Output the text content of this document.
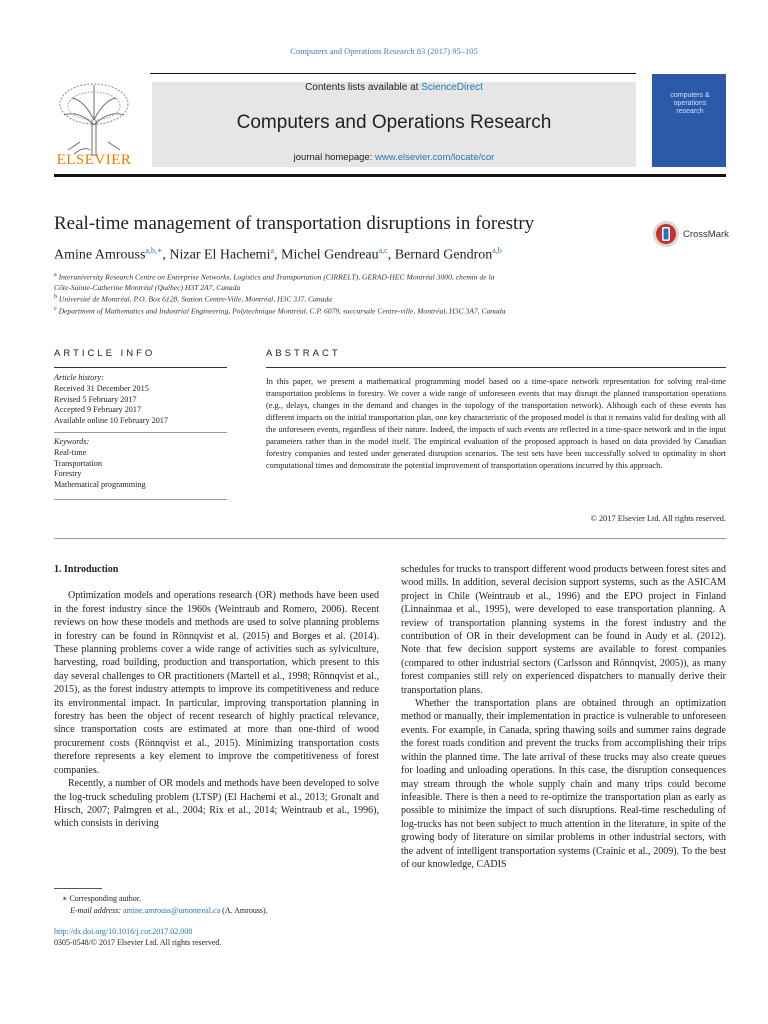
Computers and Operations Research 83 (2017) 95–105
ELSEVIER
Contents lists available at ScienceDirect
Computers and Operations Research
journal homepage: www.elsevier.com/locate/cor
computers & operations research
Real-time management of transportation disruptions in forestry	CrossMark
Amine Amrouss$^{a,b,∗}$, Nizar El Hachemi$^a$, Michel Gendreau$^{a,c}$, Bernard Gendron$^{a,b}$
$^a$ Interuniversity Research Centre on Enterprise Networks, Logistics and Transportation (CIRRELT), GERAD-HEC Montréal 3000, chemin de la
Côte-Sainte-Catherine Montréal (Québec) H3T 2A7, Canada
$^b$ Université de Montréal, P.O. Box 6128, Station Centre-Ville, Montréal, H3C 3J7, Canada
$^c$ Department of Mathematics and Industrial Engineering, Polytechnique Montréal, C.P. 6079, succursale Centre-ville, Montréal, H3C 3A7, Canada
ARTICLE INFO
Article history:
Received 31 December 2015
Revised 5 February 2017
Accepted 9 February 2017
Available online 10 February 2017
Keywords:
Real-time
Transportation
Forestry
Mathematical programming
ABSTRACT
In this paper, we present a mathematical programming model based on a time-space network representation for solving real-time transportation problems in forestry. We cover a wide range of unforeseen events that may disrupt the planned transportation operations (e.g., delays, changes in the demand and changes in the topology of the transportation network). Although each of these events has different impacts on the initial transportation plan, one key characteristic of the proposed model is that it remains valid for dealing with all the unforeseen events, regardless of their nature. Indeed, the impacts of such events are reflected in a time-space network and in the input parameters rather than in the model itself. The empirical evaluation of the proposed approach is based on data provided by Canadian forestry companies and tested under generated disruption scenarios. The test sets have been successfully solved to optimality in short computational times and demonstrate the potential improvement of transportation operations incurred by this approach.
© 2017 Elsevier Ltd. All rights reserved.
1. Introduction

Optimization models and operations research (OR) methods have been used in the forest industry since the 1960s (Weintraub and Romero, 2006). Recent reviews on how these models and methods are used to solve planning problems in forestry can be found in Rönnqvist et al. (2015) and Borges et al. (2014). These planning problems cover a wide range of activities such as sylviculture, harvesting, road building, production and transportation, which present to this day several challenges to OR practitioners (Martell et al., 1998; Rönnqvist et al., 2015), as the forest industry attempts to improve its competitiveness and reduce its environmental impact. In particular, improving transportation planning in forestry has been the object of recent research of highly practical relevance, since transportation costs are estimated at more than one-third of wood procurement costs (Rönnqvist et al., 2015). Minimizing transportation costs therefore represents a key element to improve the competitiveness of forest companies.

Recently, a number of OR models and methods have been developed to solve the log-truck scheduling problem (LTSP) (El Hachemi et al., 2013; Gronalt and Hirsch, 2007; Palmgren et al., 2004; Rix et al., 2014; Weintraub et al., 1996), which consists in deriving

schedules for trucks to transport different wood products between forest sites and wood mills. In addition, several decision support systems, such as the ASICAM project in Chile (Weintraub et al., 1996) and the EPO project in Finland (Linnainmaa et al., 1995), were developed to ease transportation planning. A review of transportation planning systems in the forest industry and the contribution of OR in their development can be found in Audy et al. (2012). Note that few decision support systems are available to forest companies (compared to other industrial sectors (Carlsson and Rönnqvist, 2005)), as many forest companies still rely on experienced dispatchers to manually derive their transportation plans.

Whether the transportation plans are obtained through an optimization method or manually, their implementation in practice is vulnerable to unforeseen events. For example, in Canada, spring thawing soils and summer rains degrade the forest roads condition and prevent the trucks from accomplishing their trips within the planned time. The late arrival of these trucks may also create queues for loading and unloading operations. In this case, the disruption consequences may stream through the whole supply chain and many trips could become infeasible. There is then a need to re-optimize the transportation plan as early as possible to minimize the impact of such disruptions. Real-time rescheduling of log-trucks has not been subject to much attention in the literature, in spite of the growing body of literature on similar problems in other industrial sectors, with the advent of intelligent transportation systems (Crainic et al., 2009). To the best of our knowledge, CADIS

∗ Corresponding author.
E-mail address: amine.amrouss@umontreal.ca (A. Amrouss).
http://dx.doi.org/10.1016/j.cor.2017.02.008
0305-0548/© 2017 Elsevier Ltd. All rights reserved.
